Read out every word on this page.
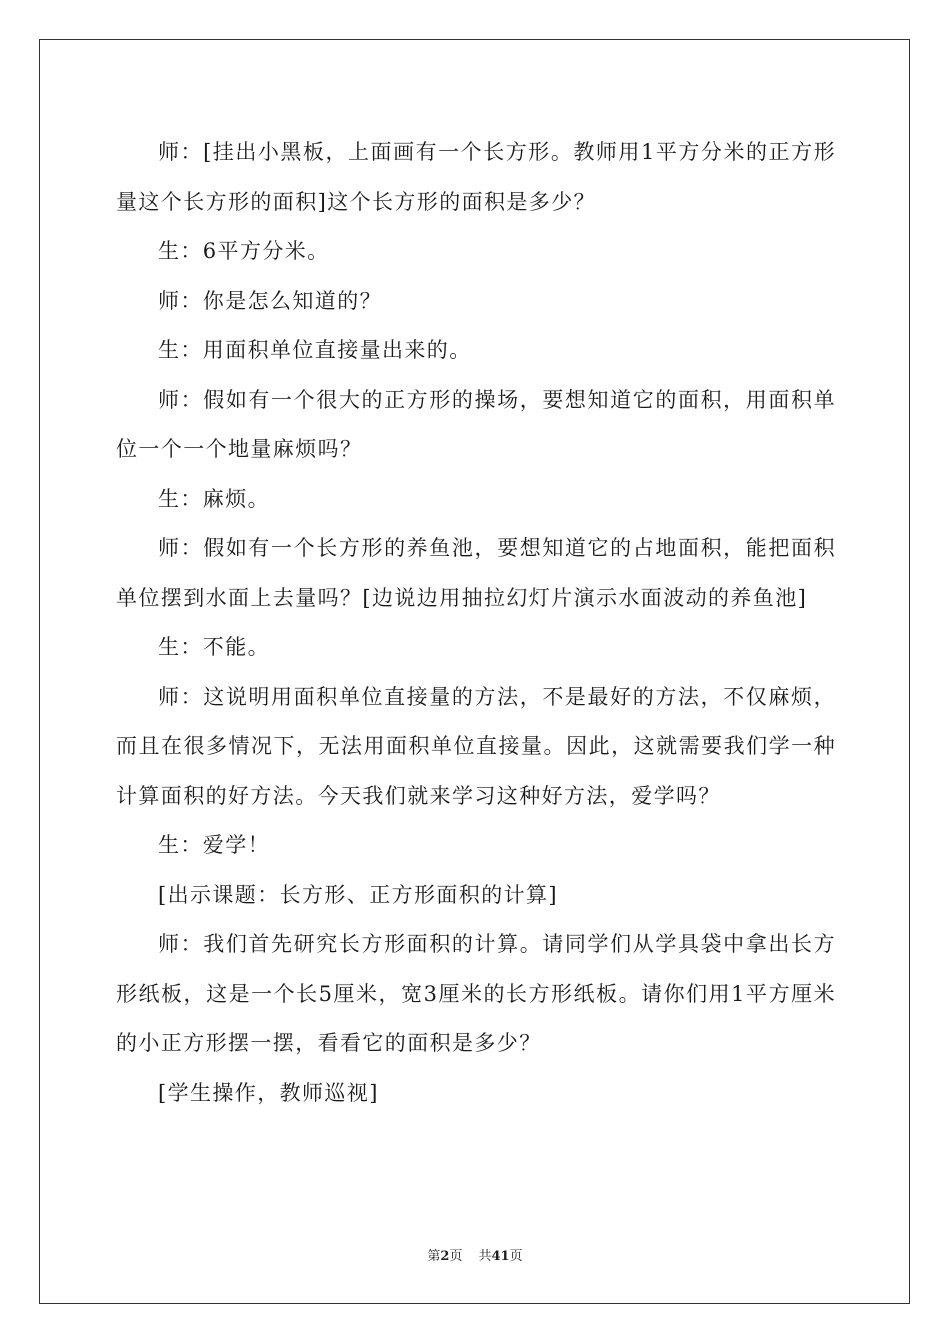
师：[挂出小黑板，上面画有一个长方形。教师用1平方分米的正方形量这个长方形的面积]这个长方形的面积是多少？

生：6平方分米。

师：你是怎么知道的？

生：用面积单位直接量出来的。

师：假如有一个很大的正方形的操场，要想知道它的面积，用面积单位一个一个地量麻烦吗？

生：麻烦。

师：假如有一个长方形的养鱼池，要想知道它的占地面积，能把面积单位摆到水面上去量吗？[边说边用抽拉幻灯片演示水面波动的养鱼池]

生：不能。

师：这说明用面积单位直接量的方法，不是最好的方法，不仅麻烦，而且在很多情况下，无法用面积单位直接量。因此，这就需要我们学一种计算面积的好方法。今天我们就来学习这种好方法，爱学吗？

生：爱学！

[出示课题：长方形、正方形面积的计算]

师：我们首先研究长方形面积的计算。请同学们从学具袋中拿出长方形纸板，这是一个长5厘米，宽3厘米的长方形纸板。请你们用1平方厘米的小正方形摆一摆，看看它的面积是多少？

[学生操作，教师巡视]

第2页 共41页
